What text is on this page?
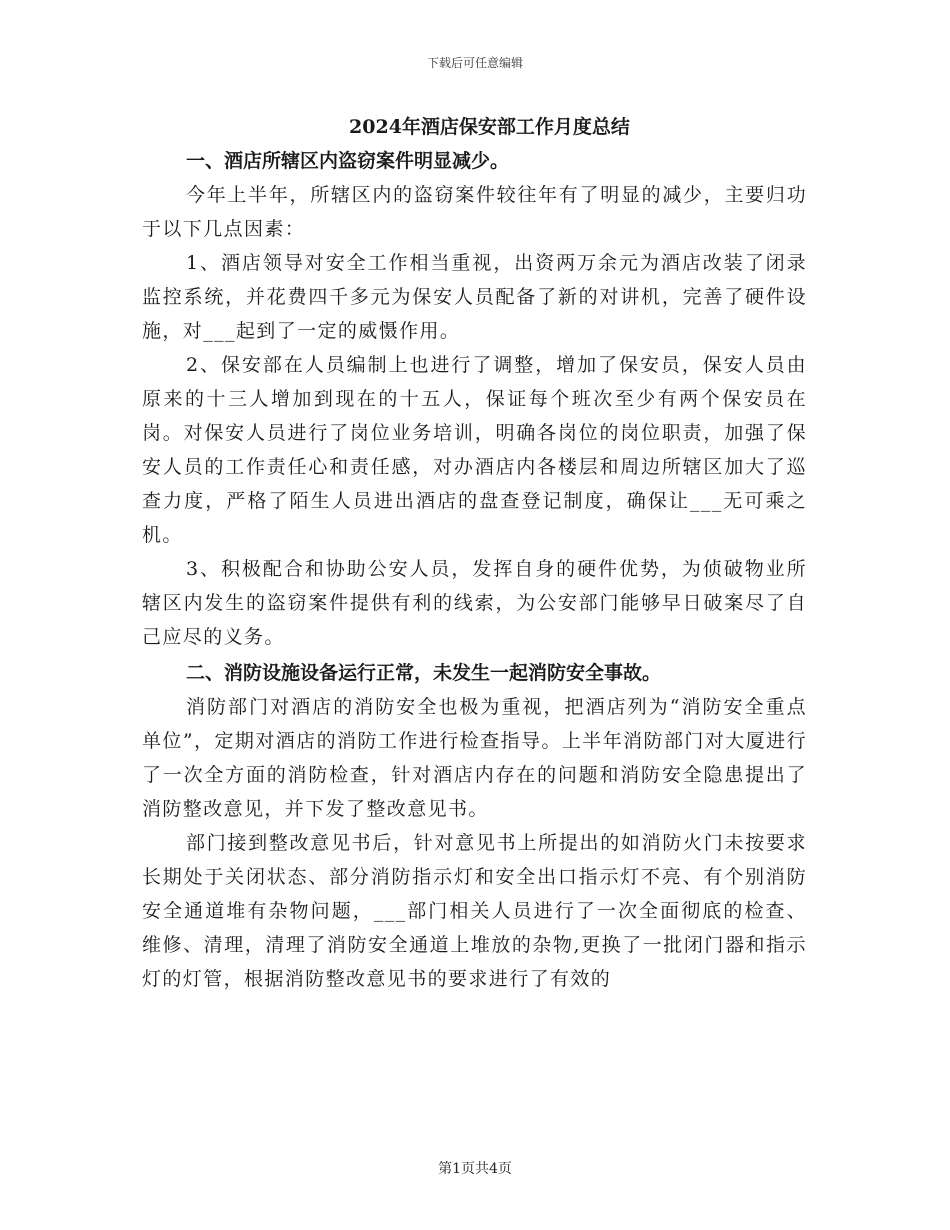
下载后可任意编辑
2024年酒店保安部工作月度总结
一、酒店所辖区内盗窃案件明显减少。
今年上半年，所辖区内的盗窃案件较往年有了明显的减少，主要归功于以下几点因素：
1、酒店领导对安全工作相当重视，出资两万余元为酒店改装了闭录监控系统，并花费四千多元为保安人员配备了新的对讲机，完善了硬件设施，对___起到了一定的威慑作用。
2、保安部在人员编制上也进行了调整，增加了保安员，保安人员由原来的十三人增加到现在的十五人，保证每个班次至少有两个保安员在岗。对保安人员进行了岗位业务培训，明确各岗位的岗位职责，加强了保安人员的工作责任心和责任感，对办酒店内各楼层和周边所辖区加大了巡查力度，严格了陌生人员进出酒店的盘查登记制度，确保让___无可乘之机。
3、积极配合和协助公安人员，发挥自身的硬件优势，为侦破物业所辖区内发生的盗窃案件提供有利的线索，为公安部门能够早日破案尽了自己应尽的义务。
二、消防设施设备运行正常，未发生一起消防安全事故。
消防部门对酒店的消防安全也极为重视，把酒店列为“消防安全重点单位”，定期对酒店的消防工作进行检查指导。上半年消防部门对大厦进行了一次全方面的消防检查，针对酒店内存在的问题和消防安全隐患提出了消防整改意见，并下发了整改意见书。
部门接到整改意见书后，针对意见书上所提出的如消防火门未按要求长期处于关闭状态、部分消防指示灯和安全出口指示灯不亮、有个别消防安全通道堆有杂物问题，___部门相关人员进行了一次全面彻底的检查、维修、清理，清理了消防安全通道上堆放的杂物,更换了一批闭门器和指示灯的灯管，根据消防整改意见书的要求进行了有效的
第1页共4页
